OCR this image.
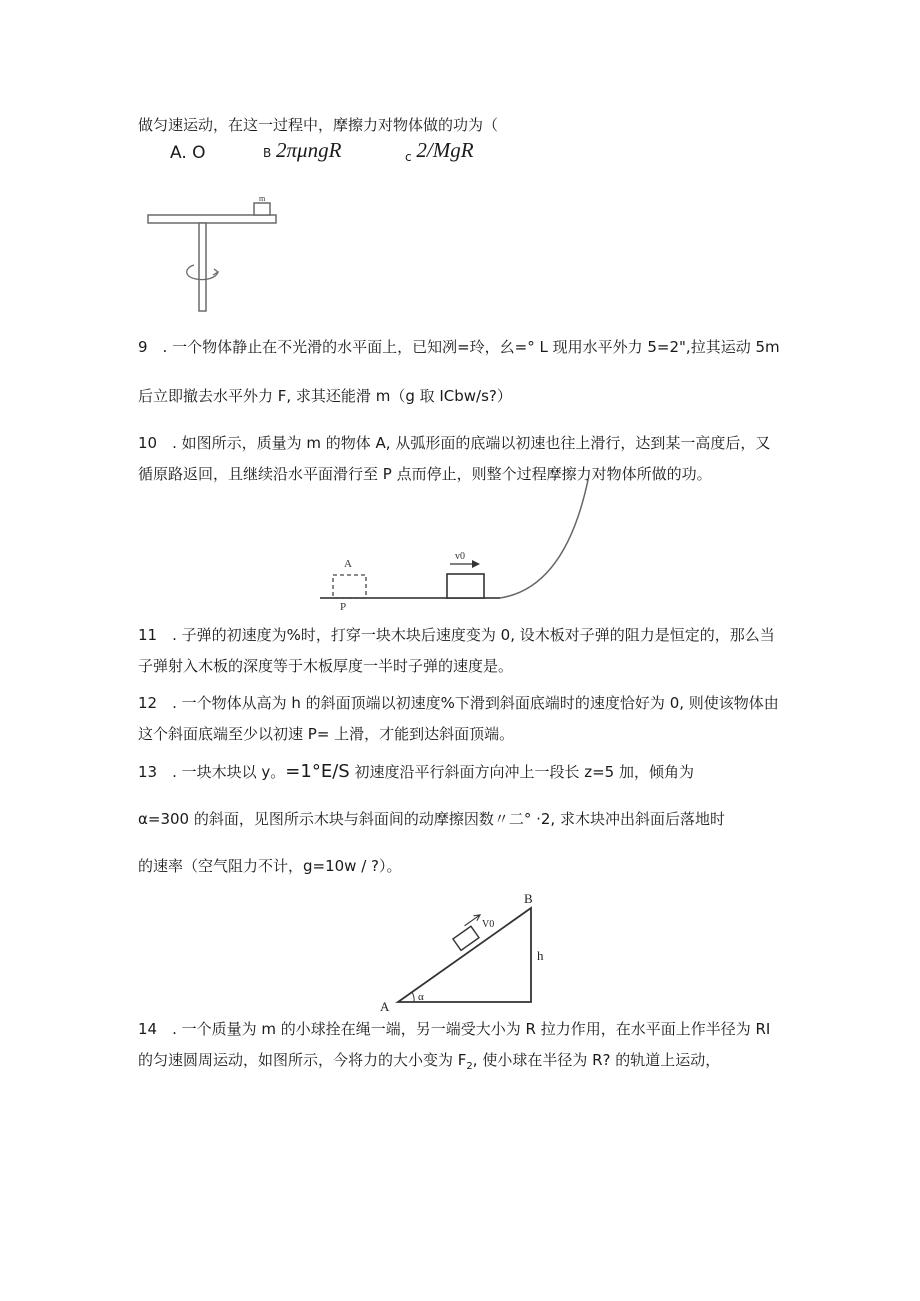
做匀速运动，在这一过程中，摩擦力对物体做的功为（
A. O	B 2πμngR	$_c$ 2/MgR
m
9　. 一个物体静止在不光滑的水平面上，已知冽=玲，幺=° L 现用水平外力 5=2",拉其运动 5m
后立即撤去水平外力 F, 求其还能滑 m（g 取 ICbw/s?）
10　. 如图所示，质量为 m 的物体 A, 从弧形面的底端以初速也往上滑行，达到某一高度后，又
循原路返回，且继续沿水平面滑行至 P 点而停止，则整个过程摩擦力对物体所做的功。
A
P
v0
11　. 子弹的初速度为%时，打穿一块木块后速度变为 0, 设木板对子弹的阻力是恒定的，那么当
子弹射入木板的深度等于木板厚度一半时子弹的速度是。
12　. 一个物体从高为 h 的斜面顶端以初速度%下滑到斜面底端时的速度恰好为 0, 则使该物体由
这个斜面底端至少以初速 P= 上滑，才能到达斜面顶端。
13　. 一块木块以 y。=1°E/S 初速度沿平行斜面方向冲上一段长 z=5 加，倾角为
α=300 的斜面，见图所示木块与斜面间的动摩擦因数〃二° ·2, 求木块冲出斜面后落地时
的速率（空气阻力不计，g=10w / ?）。
A
B
h
α
V0
14　. 一个质量为 m 的小球拴在绳一端，另一端受大小为 R 拉力作用，在水平面上作半径为 RI
的匀速圆周运动，如图所示，今将力的大小变为 $F_2$, 使小球在半径为 R? 的轨道上运动，
